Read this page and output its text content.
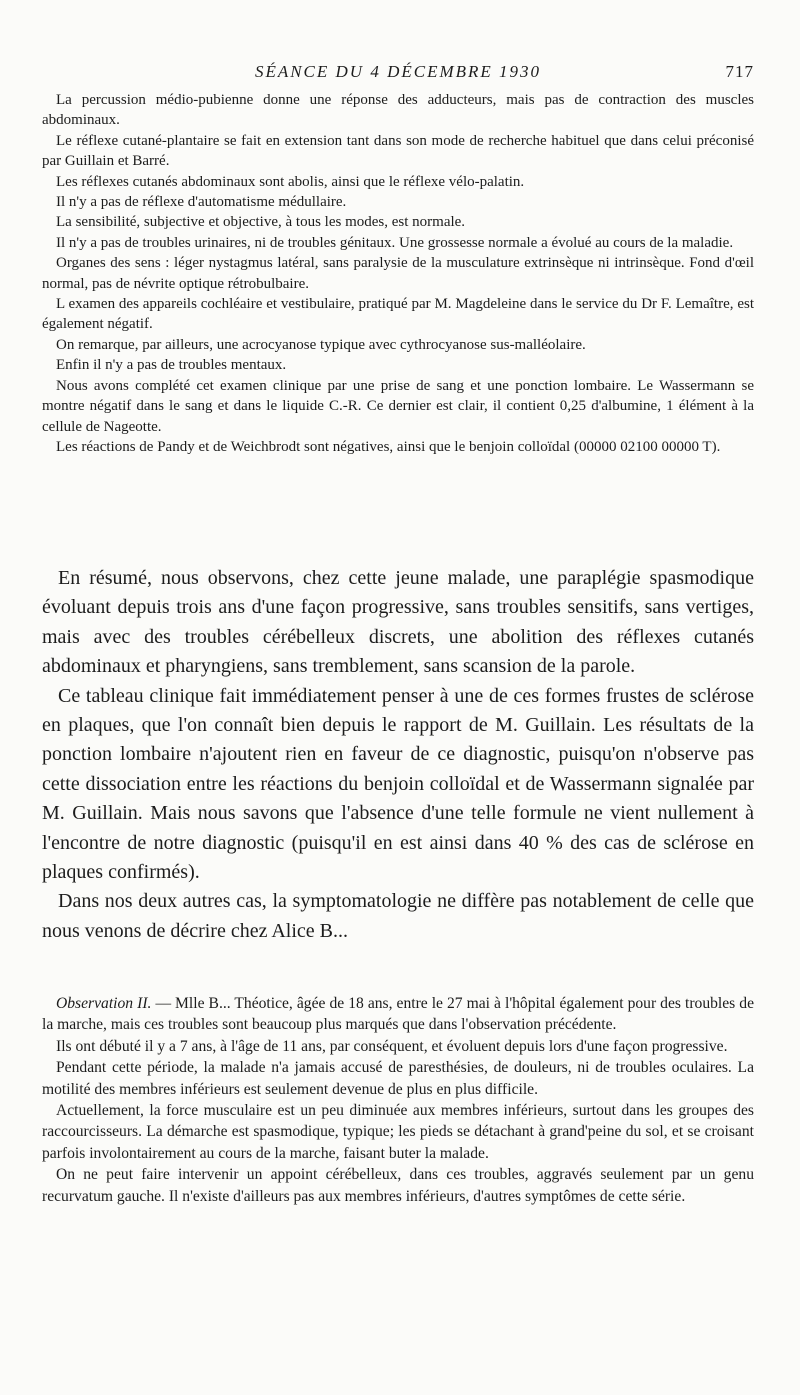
SÉANCE DU 4 DÉCEMBRE 1930	717

La percussion médio-pubienne donne une réponse des adducteurs, mais pas de contraction des muscles abdominaux.

Le réflexe cutané-plantaire se fait en extension tant dans son mode de recherche habituel que dans celui préconisé par Guillain et Barré.

Les réflexes cutanés abdominaux sont abolis, ainsi que le réflexe vélo-palatin.

Il n'y a pas de réflexe d'automatisme médullaire.

La sensibilité, subjective et objective, à tous les modes, est normale.

Il n'y a pas de troubles urinaires, ni de troubles génitaux. Une grossesse normale a évolué au cours de la maladie.

Organes des sens : léger nystagmus latéral, sans paralysie de la musculature extrinsèque ni intrinsèque. Fond d'œil normal, pas de névrite optique rétrobulbaire.

L examen des appareils cochléaire et vestibulaire, pratiqué par M. Magdeleine dans le service du Dr F. Lemaître, est également négatif.

On remarque, par ailleurs, une acrocyanose typique avec cythrocyanose sus-malléolaire.

Enfin il n'y a pas de troubles mentaux.

Nous avons complété cet examen clinique par une prise de sang et une ponction lombaire. Le Wassermann se montre négatif dans le sang et dans le liquide C.-R. Ce dernier est clair, il contient 0,25 d'albumine, 1 élément à la cellule de Nageotte.

Les réactions de Pandy et de Weichbrodt sont négatives, ainsi que le benjoin colloïdal (00000 02100 00000 T).

En résumé, nous observons, chez cette jeune malade, une paraplégie spasmodique évoluant depuis trois ans d'une façon progressive, sans troubles sensitifs, sans vertiges, mais avec des troubles cérébelleux discrets, une abolition des réflexes cutanés abdominaux et pharyngiens, sans tremblement, sans scansion de la parole.

Ce tableau clinique fait immédiatement penser à une de ces formes frustes de sclérose en plaques, que l'on connaît bien depuis le rapport de M. Guillain. Les résultats de la ponction lombaire n'ajoutent rien en faveur de ce diagnostic, puisqu'on n'observe pas cette dissociation entre les réactions du benjoin colloïdal et de Wassermann signalée par M. Guillain. Mais nous savons que l'absence d'une telle formule ne vient nullement à l'encontre de notre diagnostic (puisqu'il en est ainsi dans 40 % des cas de sclérose en plaques confirmés).

Dans nos deux autres cas, la symptomatologie ne diffère pas notablement de celle que nous venons de décrire chez Alice B...

Observation II. — Mlle B... Théotice, âgée de 18 ans, entre le 27 mai à l'hôpital également pour des troubles de la marche, mais ces troubles sont beaucoup plus marqués que dans l'observation précédente.

Ils ont débuté il y a 7 ans, à l'âge de 11 ans, par conséquent, et évoluent depuis lors d'une façon progressive.

Pendant cette période, la malade n'a jamais accusé de paresthésies, de douleurs, ni de troubles oculaires. La motilité des membres inférieurs est seulement devenue de plus en plus difficile.

Actuellement, la force musculaire est un peu diminuée aux membres inférieurs, surtout dans les groupes des raccourcisseurs. La démarche est spasmodique, typique; les pieds se détachant à grand'peine du sol, et se croisant parfois involontairement au cours de la marche, faisant buter la malade.

On ne peut faire intervenir un appoint cérébelleux, dans ces troubles, aggravés seulement par un genu recurvatum gauche. Il n'existe d'ailleurs pas aux membres inférieurs, d'autres symptômes de cette série.
